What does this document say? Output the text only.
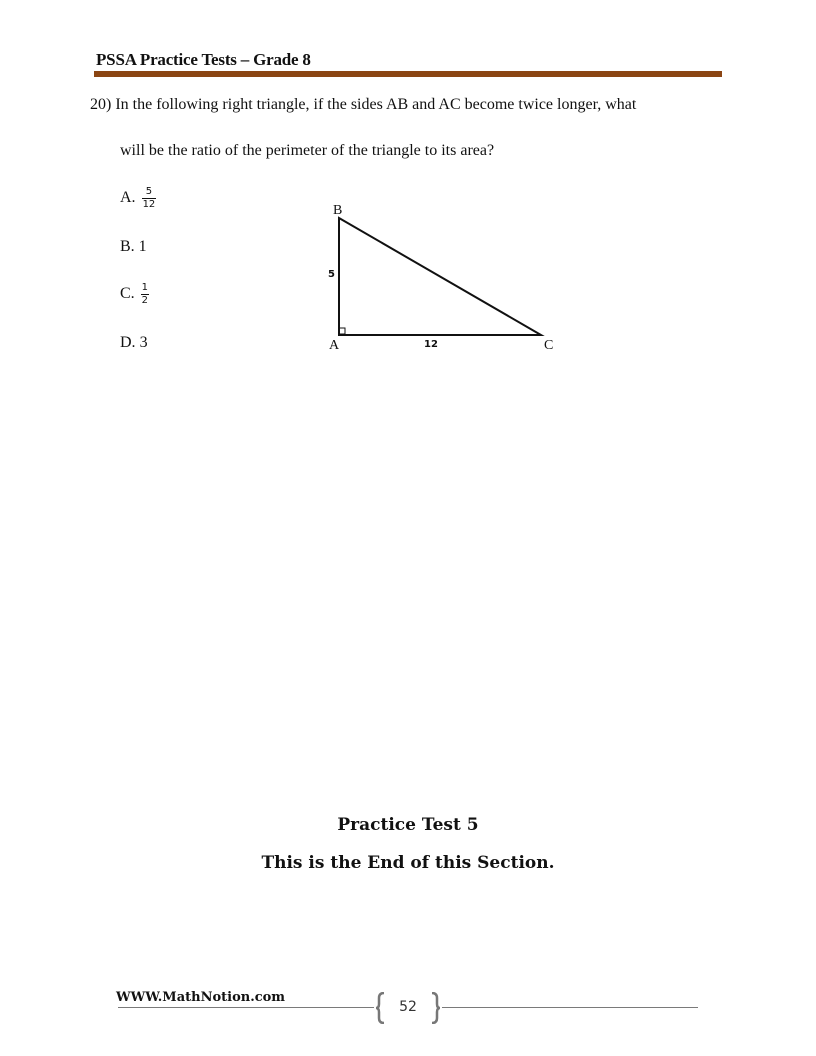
PSSA Practice Tests – Grade 8
20) In the following right triangle, if the sides AB and AC become twice longer, what
will be the ratio of the perimeter of the triangle to its area?
A. $\frac{5}{12}$
B. 1
C. $\frac{1}{2}$
D. 3
B
A	C
5
12
Practice Test 5
This is the End of this Section.
WWW.MathNotion.com
52
